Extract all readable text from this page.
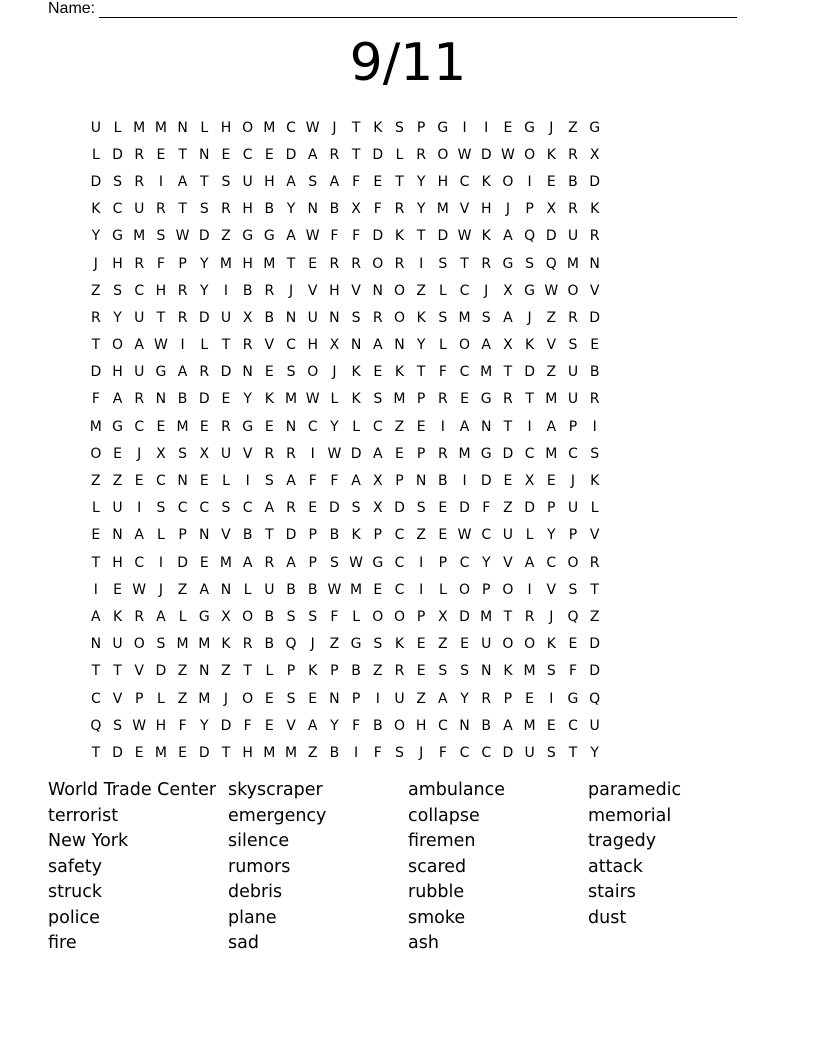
Name:
9/11
U L M M N L H O M C W J	T K S P G	I	I	E G	J	Z G
L D R E T N E C E D A R T D L R O W D W O K R X
D S R	I	A T S U H A S A F E T Y H C K O	I	E B D
K C U R T S R H B Y N B X F R Y M V H	J	P X R K
Y G M S W D Z G G A W F F D K T D W K A Q D U R
J	H R F P Y M H M T E R R O R	I	S T R G S Q M N
Z S C H R Y	I	B R	J	V H V N O Z L C	J	X G W O V
R Y U T R D U X B N U N S R O K S M S A	J	Z R D
T O A W I	L T R V C H X N A N Y L O A X K V S E
D H U G A R D N E S O	J	K E K T F C M T D Z U B
F A R N B D E Y K M W L K S M P R E G R T M U R
M G C E M E R G E N C Y L C Z E	I	A N T	I	A P	I
O E	J	X S X U V R R	I W D A E P R M G D C M C S
Z Z E C N E L	I	S A F F A X P N B	I	D E X E	J	K
L U	I	S C C S C A R E D S X D S E D F Z D P U L
E N A L P N V B T D P B K P C Z E W C U L Y P V
T H C	I	D E M A R A P S W G C	I	P C Y V A C O R
I	E W J	Z A N L U B B W M E C	I	L O P O	I	V S T
A K R A L G X O B S S F L O O P X D M T R	J	Q Z
N U O S M M K R B Q	J	Z G S K E Z E U O O K E D
T T V D Z N Z T L P K P B Z R E S S N K M S F D
C V P L Z M J	O E S E N P	I	U Z A Y R P E	I	G Q
Q S W H F Y D F E V A Y F B O H C N B A M E C U
T D E M E D T H M M Z B	I	F S	J	F C C D U S T Y
World Trade Center
terrorist
New York
safety
struck
police
fire
skyscraper
emergency
silence
rumors
debris
plane
sad
ambulance
collapse
firemen
scared
rubble
smoke
ash
paramedic
memorial
tragedy
attack
stairs
dust
